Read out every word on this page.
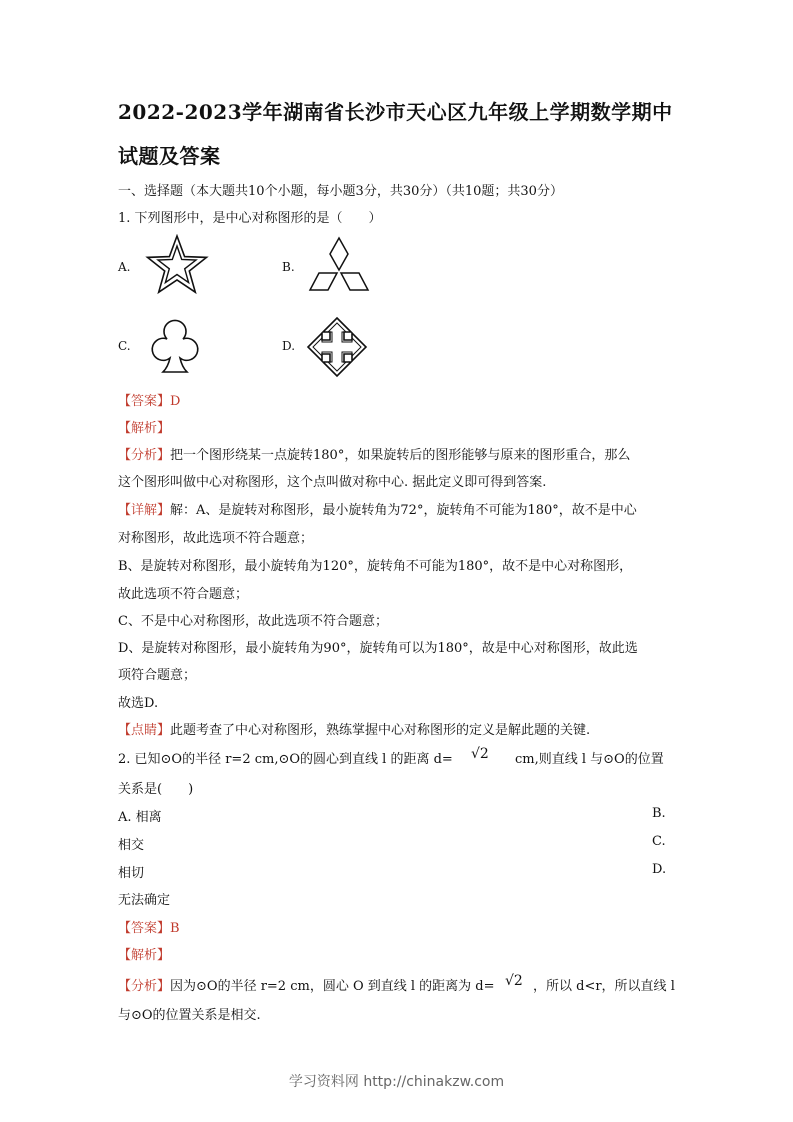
2022-2023学年湖南省长沙市天心区九年级上学期数学期中
试题及答案
一、选择题（本大题共10个小题，每小题3分，共30分）（共10题；共30分）
1. 下列图形中，是中心对称图形的是（　　）
A.	B.
C.	D.
【答案】D
【解析】
【分析】把一个图形绕某一点旋转180°，如果旋转后的图形能够与原来的图形重合，那么
这个图形叫做中心对称图形，这个点叫做对称中心. 据此定义即可得到答案.
【详解】解：A、是旋转对称图形，最小旋转角为72°，旋转角不可能为180°，故不是中心
对称图形，故此选项不符合题意；
B、是旋转对称图形，最小旋转角为120°，旋转角不可能为180°，故不是中心对称图形，
故此选项不符合题意；
C、不是中心对称图形，故此选项不符合题意；
D、是旋转对称图形，最小旋转角为90°，旋转角可以为180°，故是中心对称图形，故此选
项符合题意；
故选D.
【点睛】此题考查了中心对称图形，熟练掌握中心对称图形的定义是解此题的关键.
2. 已知⊙O的半径 r=2 cm,⊙O的圆心到直线 l 的距离 d= √2 cm,则直线 l 与⊙O的位置
关系是(　　)
A. 相离	B.
相交	C.
相切	D.
无法确定
【答案】B
【解析】
【分析】因为⊙O的半径 r=2 cm，圆心 O 到直线 l 的距离为 d= √2 ，所以 d<r，所以直线 l
与⊙O的位置关系是相交.
学习资料网 http://chinakzw.com
